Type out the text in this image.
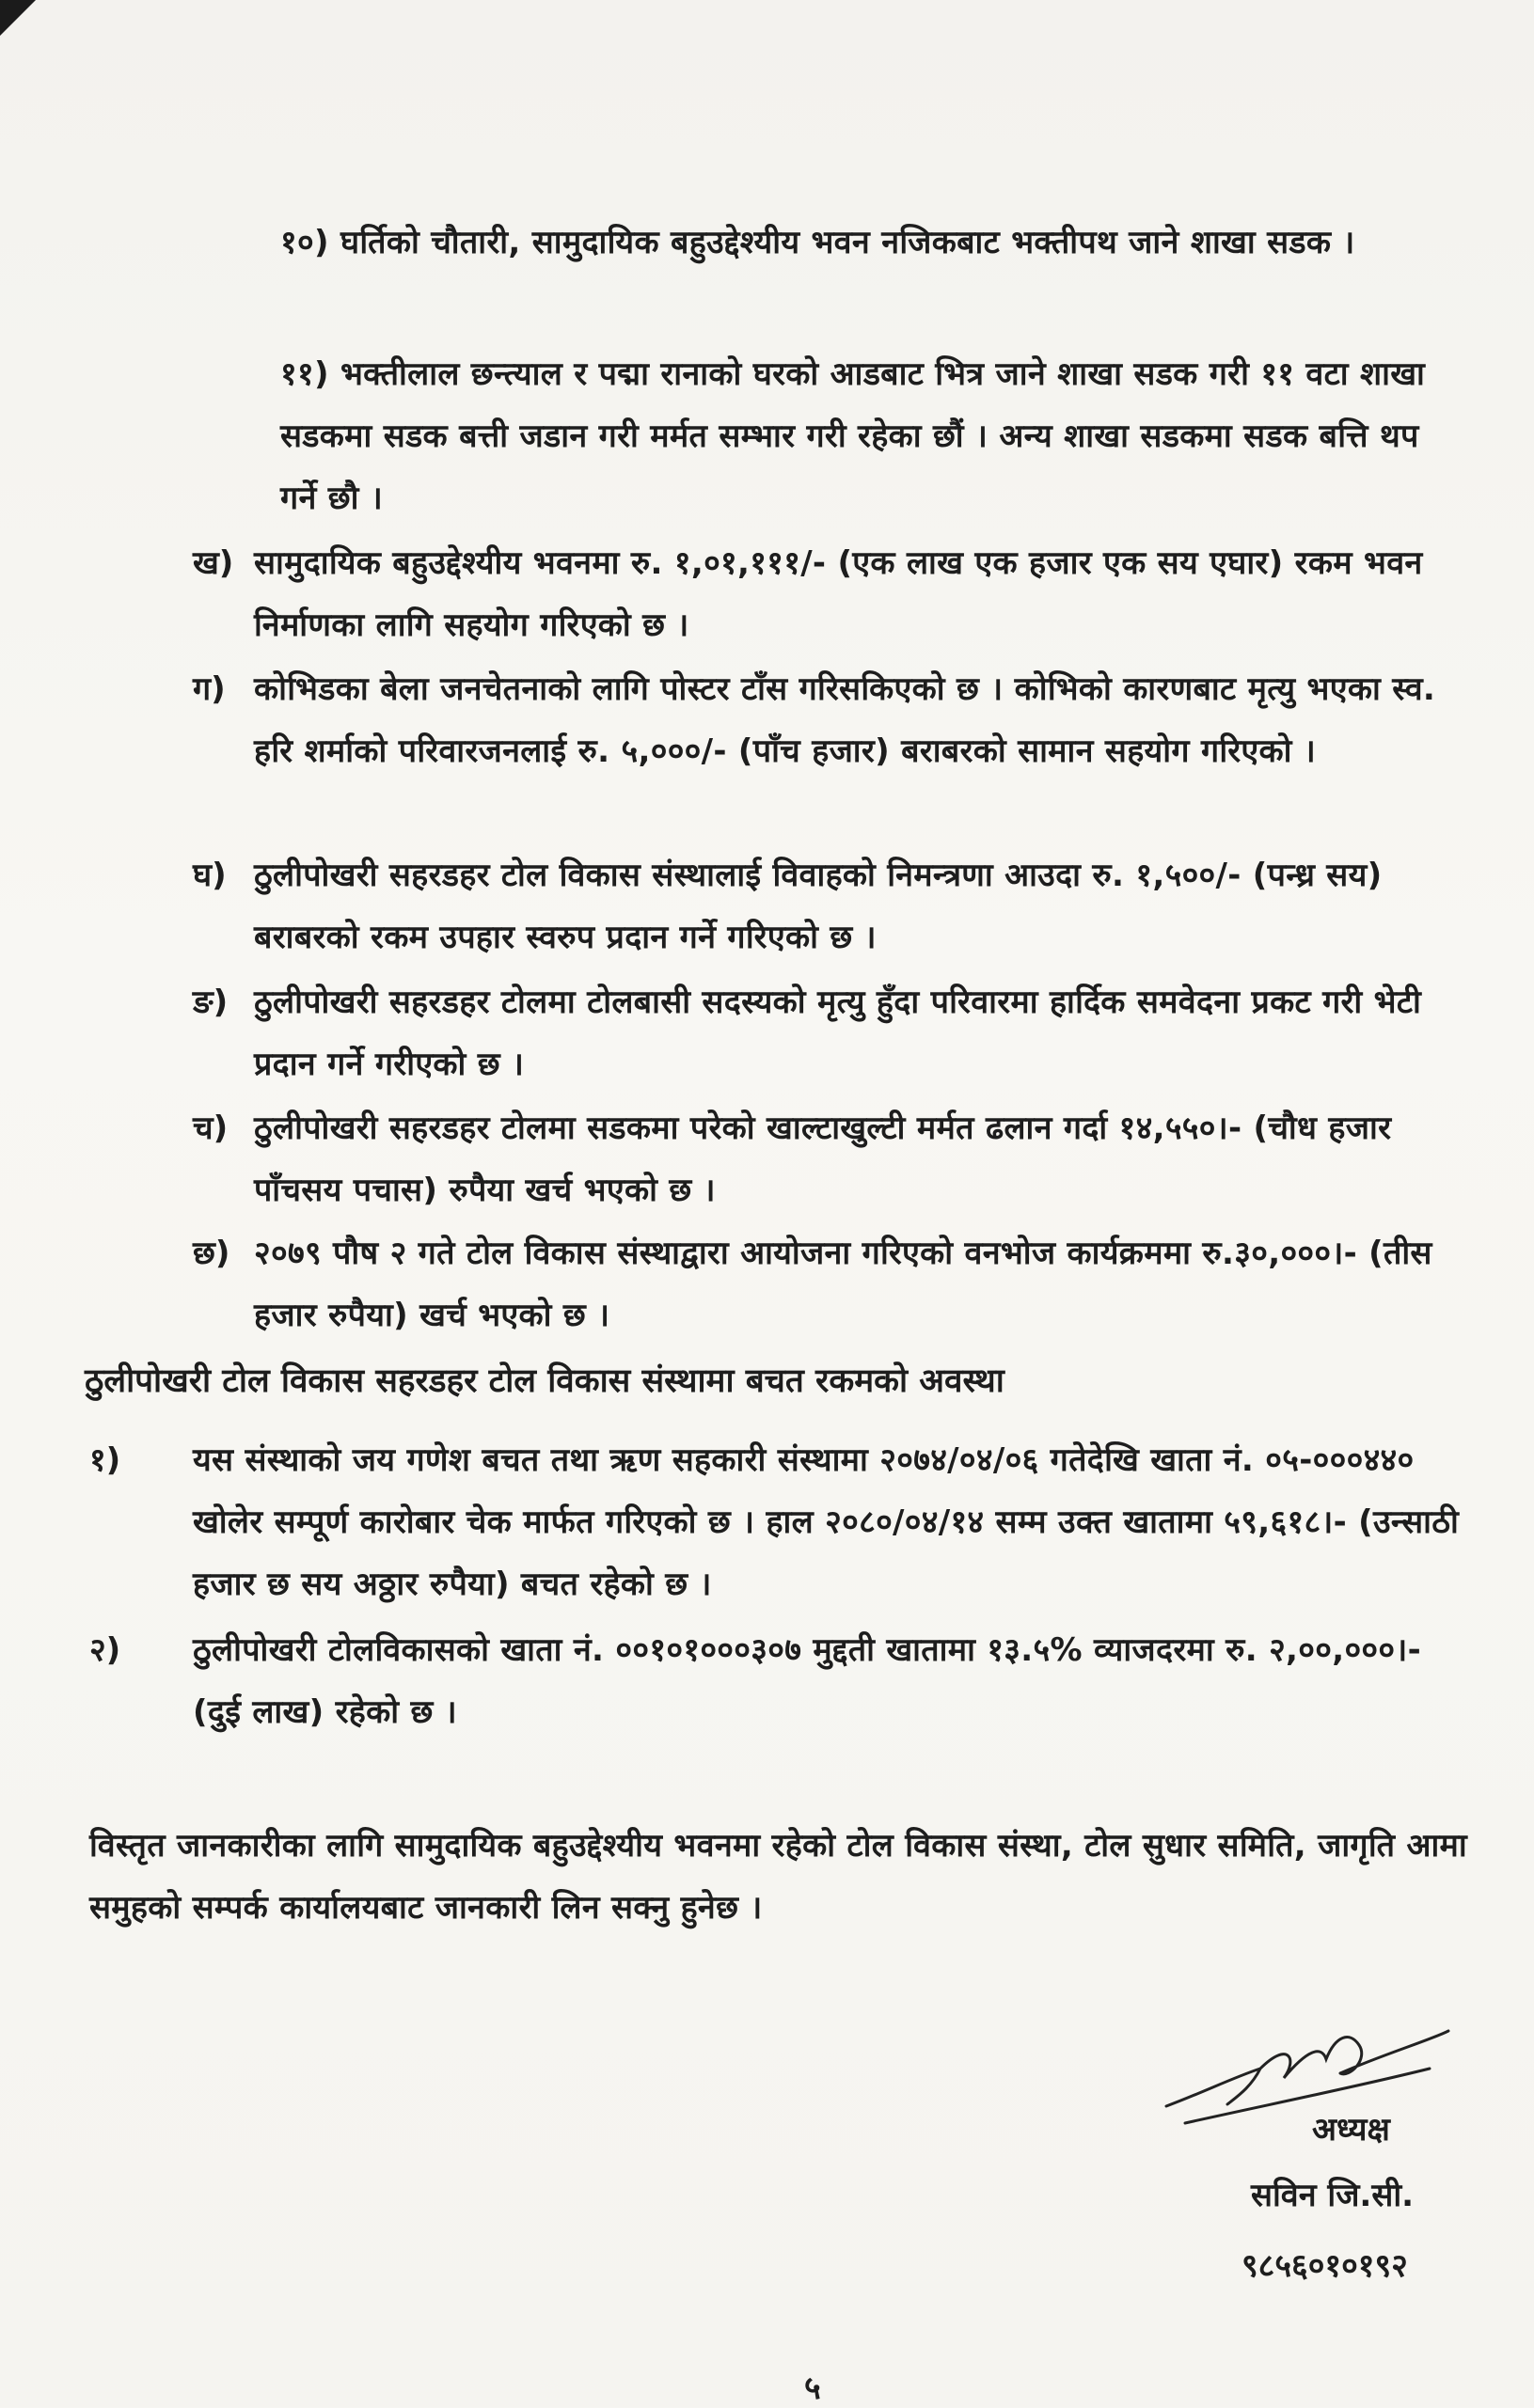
१०) घर्तिको चौतारी, सामुदायिक बहुउद्देश्यीय भवन नजिकबाट भक्तीपथ जाने शाखा सडक ।
११) भक्तीलाल छन्त्याल र पद्मा रानाको घरको आडबाट भित्र जाने शाखा सडक गरी ११ वटा शाखा सडकमा सडक बत्ती जडान गरी मर्मत सम्भार गरी रहेका छौं । अन्य शाखा सडकमा सडक बत्ति थप गर्ने छौ ।
ख) सामुदायिक बहुउद्देश्यीय भवनमा रु. १,०१,१११/- (एक लाख एक हजार एक सय एघार) रकम भवन निर्माणका लागि सहयोग गरिएको छ ।
ग) कोभिडका बेला जनचेतनाको लागि पोस्टर टाँस गरिसकिएको छ । कोभिको कारणबाट मृत्यु भएका स्व. हरि शर्माको परिवारजनलाई रु. ५,०००/- (पाँच हजार) बराबरको सामान सहयोग गरिएको ।
घ) ठुलीपोखरी सहरडहर टोल विकास संस्थालाई विवाहको निमन्त्रणा आउदा रु. १,५००/- (पन्ध्र सय) बराबरको रकम उपहार स्वरुप प्रदान गर्ने गरिएको छ ।
ङ) ठुलीपोखरी सहरडहर टोलमा टोलबासी सदस्यको मृत्यु हुँदा परिवारमा हार्दिक समवेदना प्रकट गरी भेटी प्रदान गर्ने गरीएको छ ।
च) ठुलीपोखरी सहरडहर टोलमा सडकमा परेको खाल्टाखुल्टी मर्मत ढलान गर्दा १४,५५०।- (चौध हजार पाँचसय पचास) रुपैया खर्च भएको छ ।
छ) २०७९ पौष २ गते टोल विकास संस्थाद्वारा आयोजना गरिएको वनभोज कार्यक्रममा रु.३०,०००।- (तीस हजार रुपैया) खर्च भएको छ ।
ठुलीपोखरी टोल विकास सहरडहर टोल विकास संस्थामा बचत रकमको अवस्था
१) यस संस्थाको जय गणेश बचत तथा ऋण सहकारी संस्थामा २०७४/०४/०६ गतेदेखि खाता नं. ०५-०००४४० खोलेर सम्पूर्ण कारोबार चेक मार्फत गरिएको छ । हाल २०८०/०४/१४ सम्म उक्त खातामा ५९,६१८।- (उन्साठी हजार छ सय अठ्ठार रुपैया) बचत रहेको छ ।
२) ठुलीपोखरी टोलविकासको खाता नं. ००१०१०००३०७ मुद्दती खातामा १३.५% व्याजदरमा रु. २,००,०००।- (दुई लाख) रहेको छ ।
विस्तृत जानकारीका लागि सामुदायिक बहुउद्देश्यीय भवनमा रहेको टोल विकास संस्था, टोल सुधार समिति, जागृति आमा समुहको सम्पर्क कार्यालयबाट जानकारी लिन सक्नु हुनेछ ।
अध्यक्ष
सविन जि.सी.
९८५६०१०१९२
५
